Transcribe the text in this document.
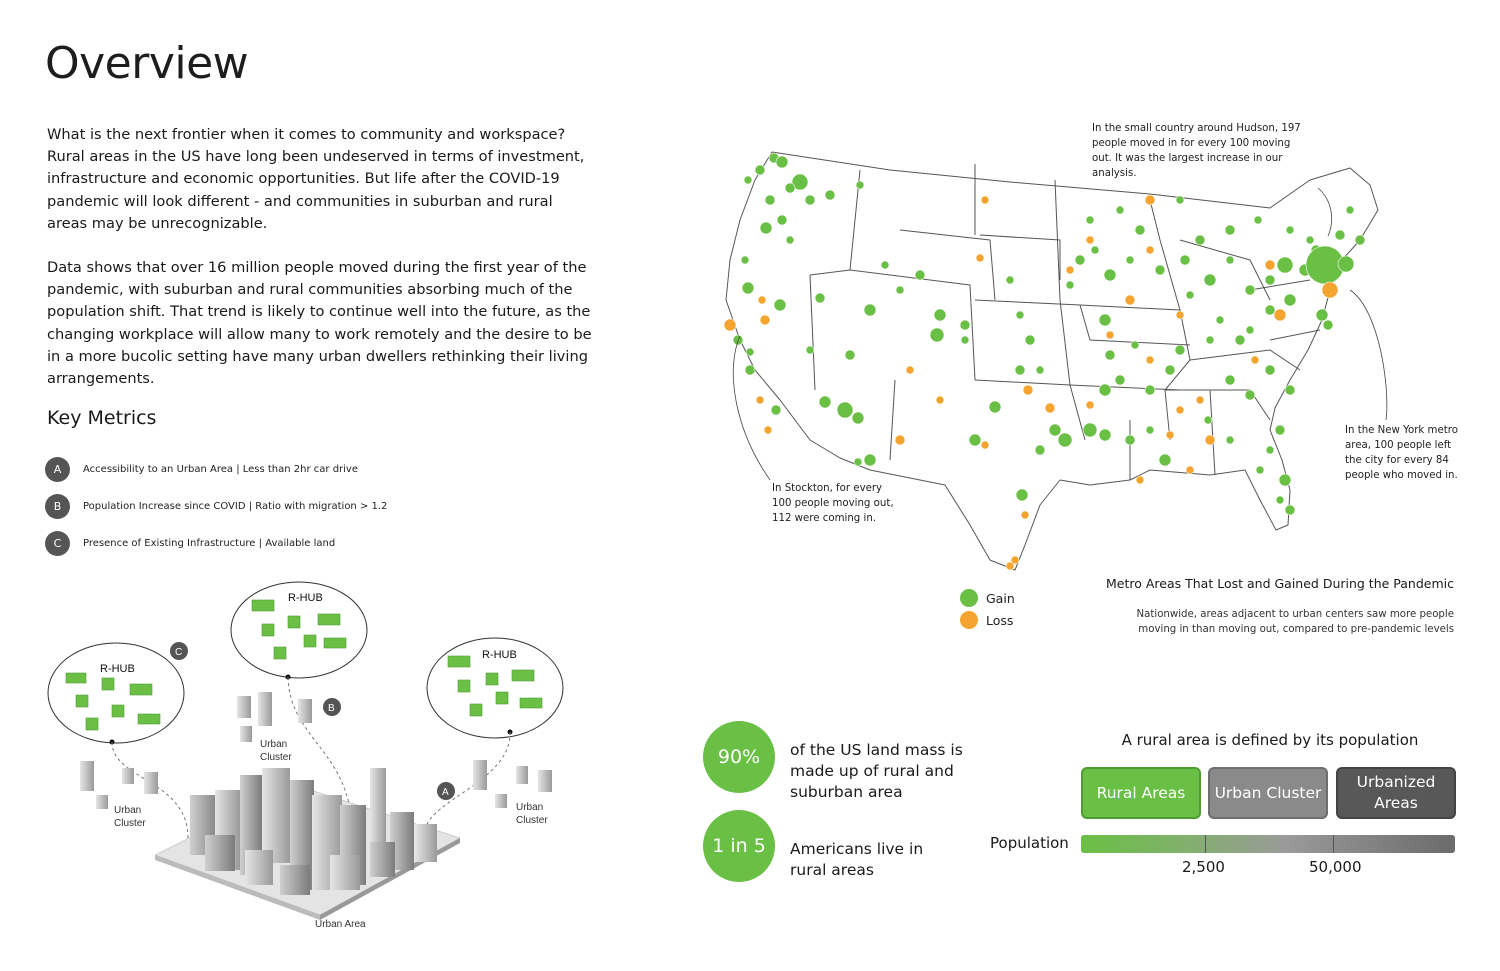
Overview
What is the next frontier when it comes to community and workspace? Rural areas in the US have long been undeserved in terms of investment, infrastructure and economic opportunities. But life after the COVID-19 pandemic will look different - and communities in suburban and rural areas may be unrecognizable.
Data shows that over 16 million people moved during the first year of the pandemic, with suburban and rural communities absorbing much of the population shift. That trend is likely to continue well into the future, as the changing workplace will allow many to work remotely and the desire to be in a more bucolic setting have many urban dwellers rethinking their living arrangements.
Key Metrics
A	Accessibility to an Urban Area | Less than 2hr car drive
B	Population Increase since COVID | Ratio with migration > 1.2
C	Presence of Existing Infrastructure | Available land
R-HUB
R-HUB
R-HUB
C
B
A
Urban
Cluster
Urban
Cluster
Urban
Cluster
Urban Area
In the small country around Hudson, 197 people moved in for every 100 moving out. It was the largest increase in our analysis.
In the New York metro area, 100 people left the city for every 84 people who moved in.
In Stockton, for every 100 people moving out, 112 were coming in.
Gain
Loss
Metro Areas That Lost and Gained During the Pandemic
Nationwide, areas adjacent to urban centers saw more people
moving in than moving out, compared to pre-pandemic levels
90%	of the US land mass is made up of rural and suburban area
1 in 5	Americans live in rural areas
A rural area is defined by its population
Rural Areas	Urban Cluster
Urbanized Areas
Population
2,500	50,000
